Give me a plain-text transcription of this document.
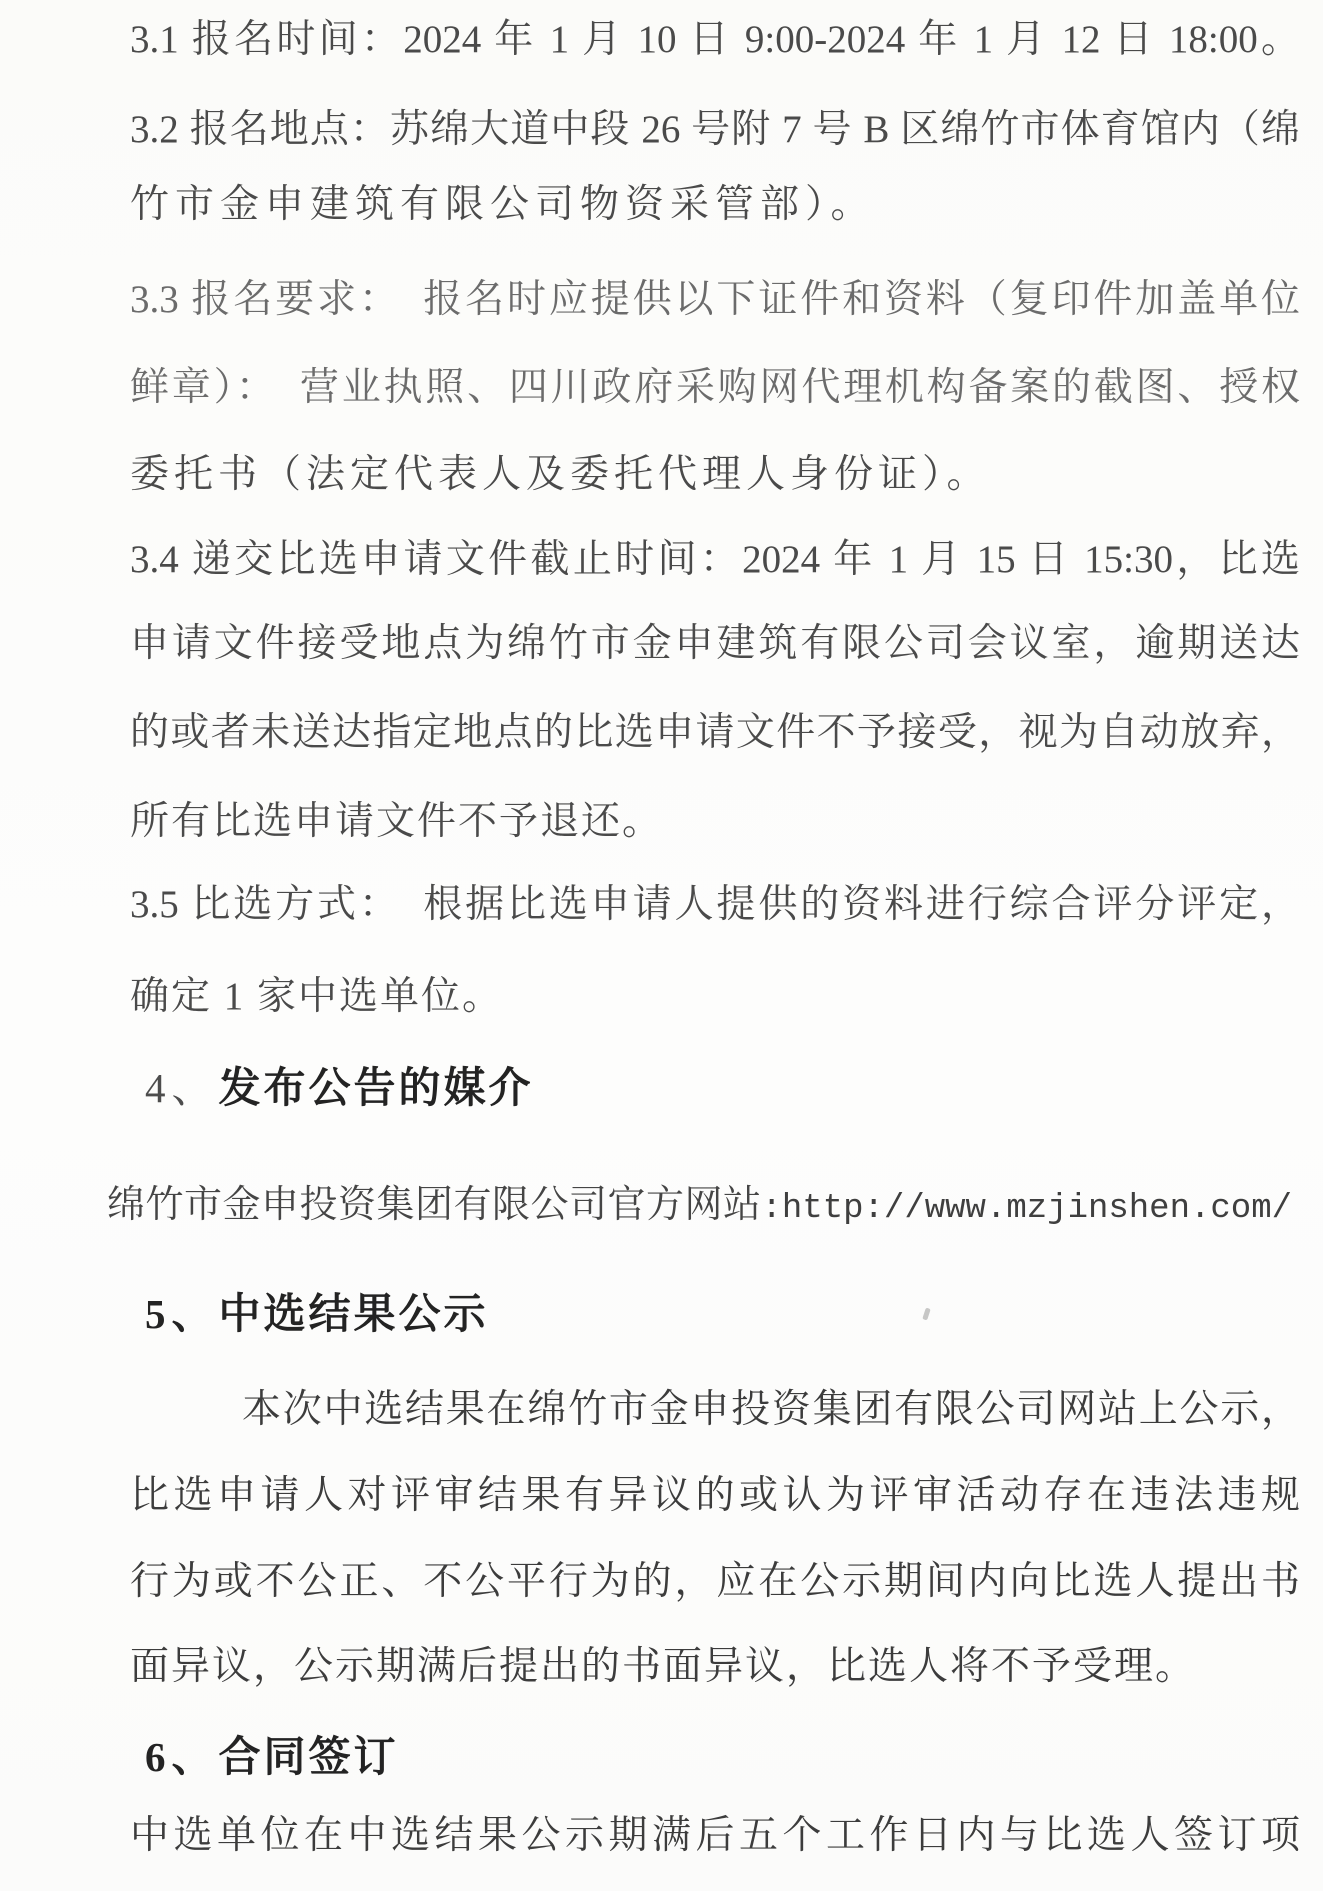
3.1 报名时间：2024 年 1 月 10 日 9:00-2024 年 1 月 12 日 18:00。
3.2 报名地点：苏绵大道中段 26 号附 7 号 B 区绵竹市体育馆内（绵
竹市金申建筑有限公司物资采管部）。
3.3 报名要求：　报名时应提供以下证件和资料（复印件加盖单位
鲜章）：　营业执照、四川政府采购网代理机构备案的截图、授权
委托书（法定代表人及委托代理人身份证）。
3.4 递交比选申请文件截止时间：2024 年 1 月 15 日 15:30，比选
申请文件接受地点为绵竹市金申建筑有限公司会议室，逾期送达
的或者未送达指定地点的比选申请文件不予接受，视为自动放弃，
所有比选申请文件不予退还。
3.5 比选方式：　根据比选申请人提供的资料进行综合评分评定，
确定 1 家中选单位。
4、发布公告的媒介
绵竹市金申投资集团有限公司官方网站:http://www.mzjinshen.com/
5、中选结果公示
本次中选结果在绵竹市金申投资集团有限公司网站上公示，
比选申请人对评审结果有异议的或认为评审活动存在违法违规
行为或不公正、不公平行为的，应在公示期间内向比选人提出书
面异议，公示期满后提出的书面异议，比选人将不予受理。
6、合同签订
中选单位在中选结果公示期满后五个工作日内与比选人签订项
